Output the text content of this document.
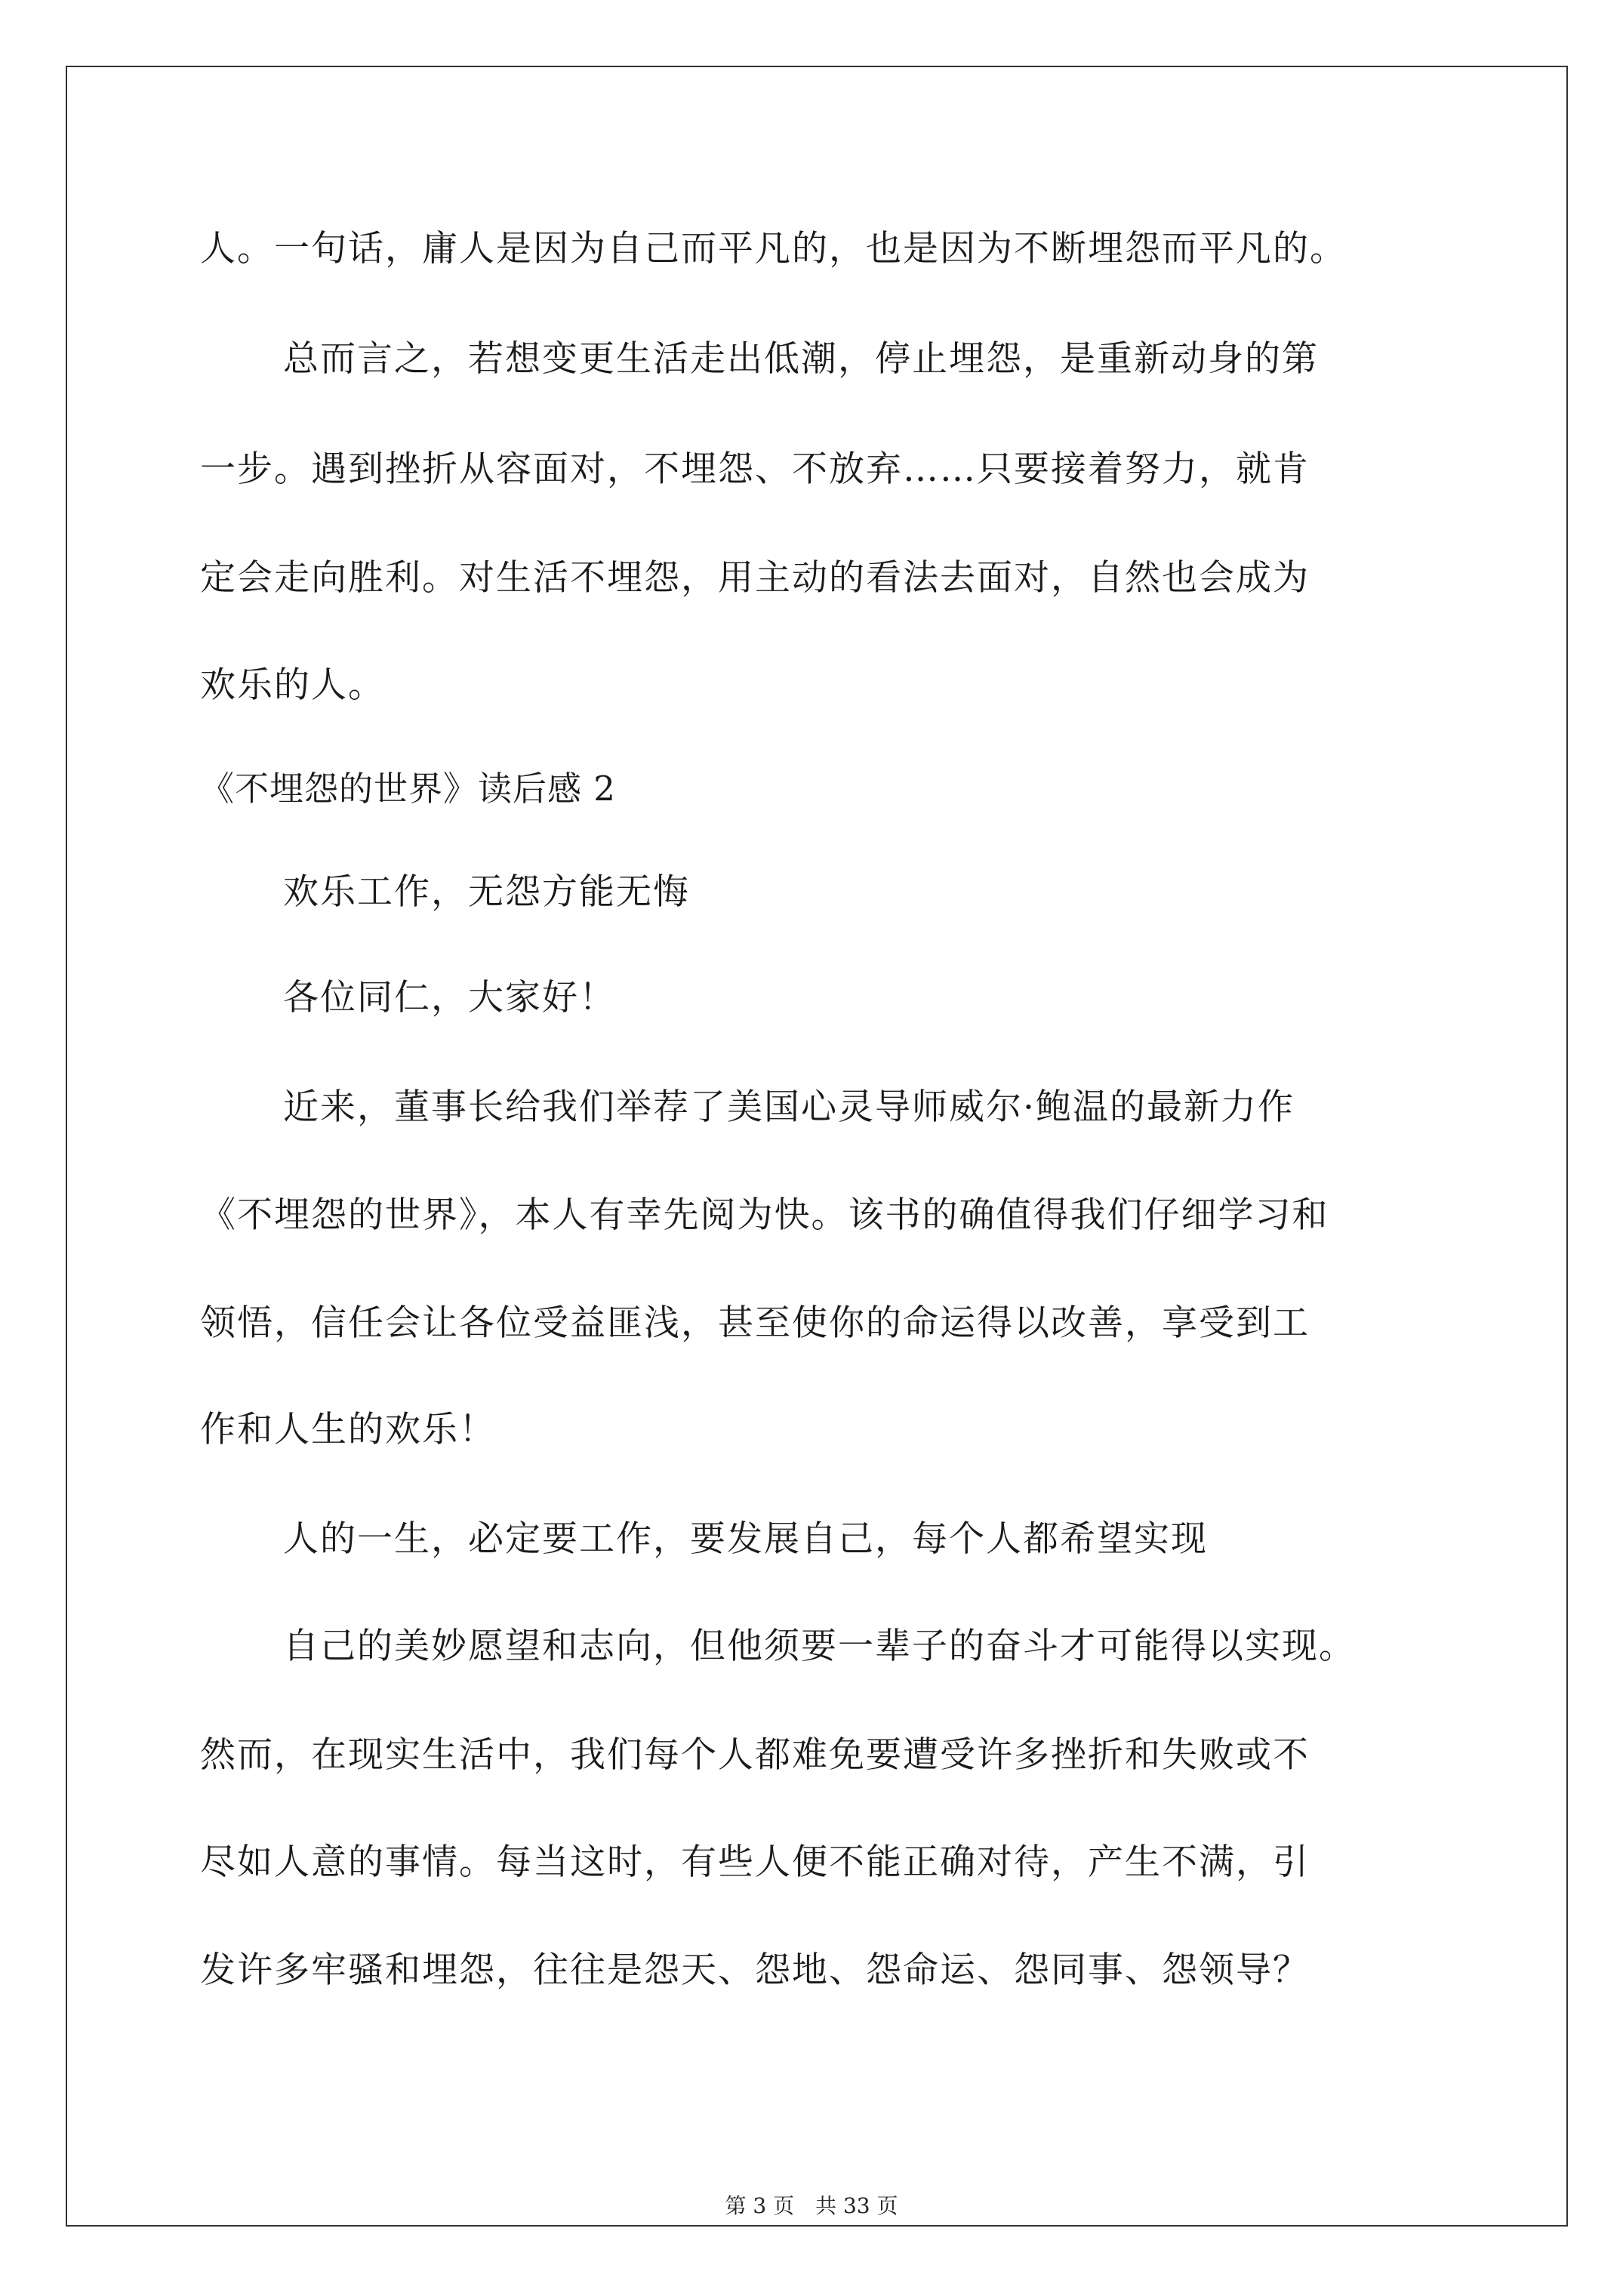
人。一句话，庸人是因为自己而平凡的，也是因为不断埋怨而平凡的。
总而言之，若想变更生活走出低潮，停止埋怨，是重新动身的第
一步。遇到挫折从容面对，不埋怨、不放弃……只要接着努力，就肯
定会走向胜利。对生活不埋怨，用主动的看法去面对，自然也会成为
欢乐的人。
《不埋怨的世界》读后感 2
欢乐工作，无怨方能无悔
各位同仁，大家好！
近来，董事长给我们举荐了美国心灵导师威尔·鲍温的最新力作
《不埋怨的世界》，本人有幸先阅为快。该书的确值得我们仔细学习和
领悟，信任会让各位受益匪浅，甚至使你的命运得以改善，享受到工
作和人生的欢乐！
人的一生，必定要工作，要发展自己，每个人都希望实现
自己的美妙愿望和志向，但他须要一辈子的奋斗才可能得以实现。
然而，在现实生活中，我们每个人都难免要遭受许多挫折和失败或不
尽如人意的事情。每当这时，有些人便不能正确对待，产生不满，引
发许多牢骚和埋怨，往往是怨天、怨地、怨命运、怨同事、怨领导？
第 3 页　共 33 页
